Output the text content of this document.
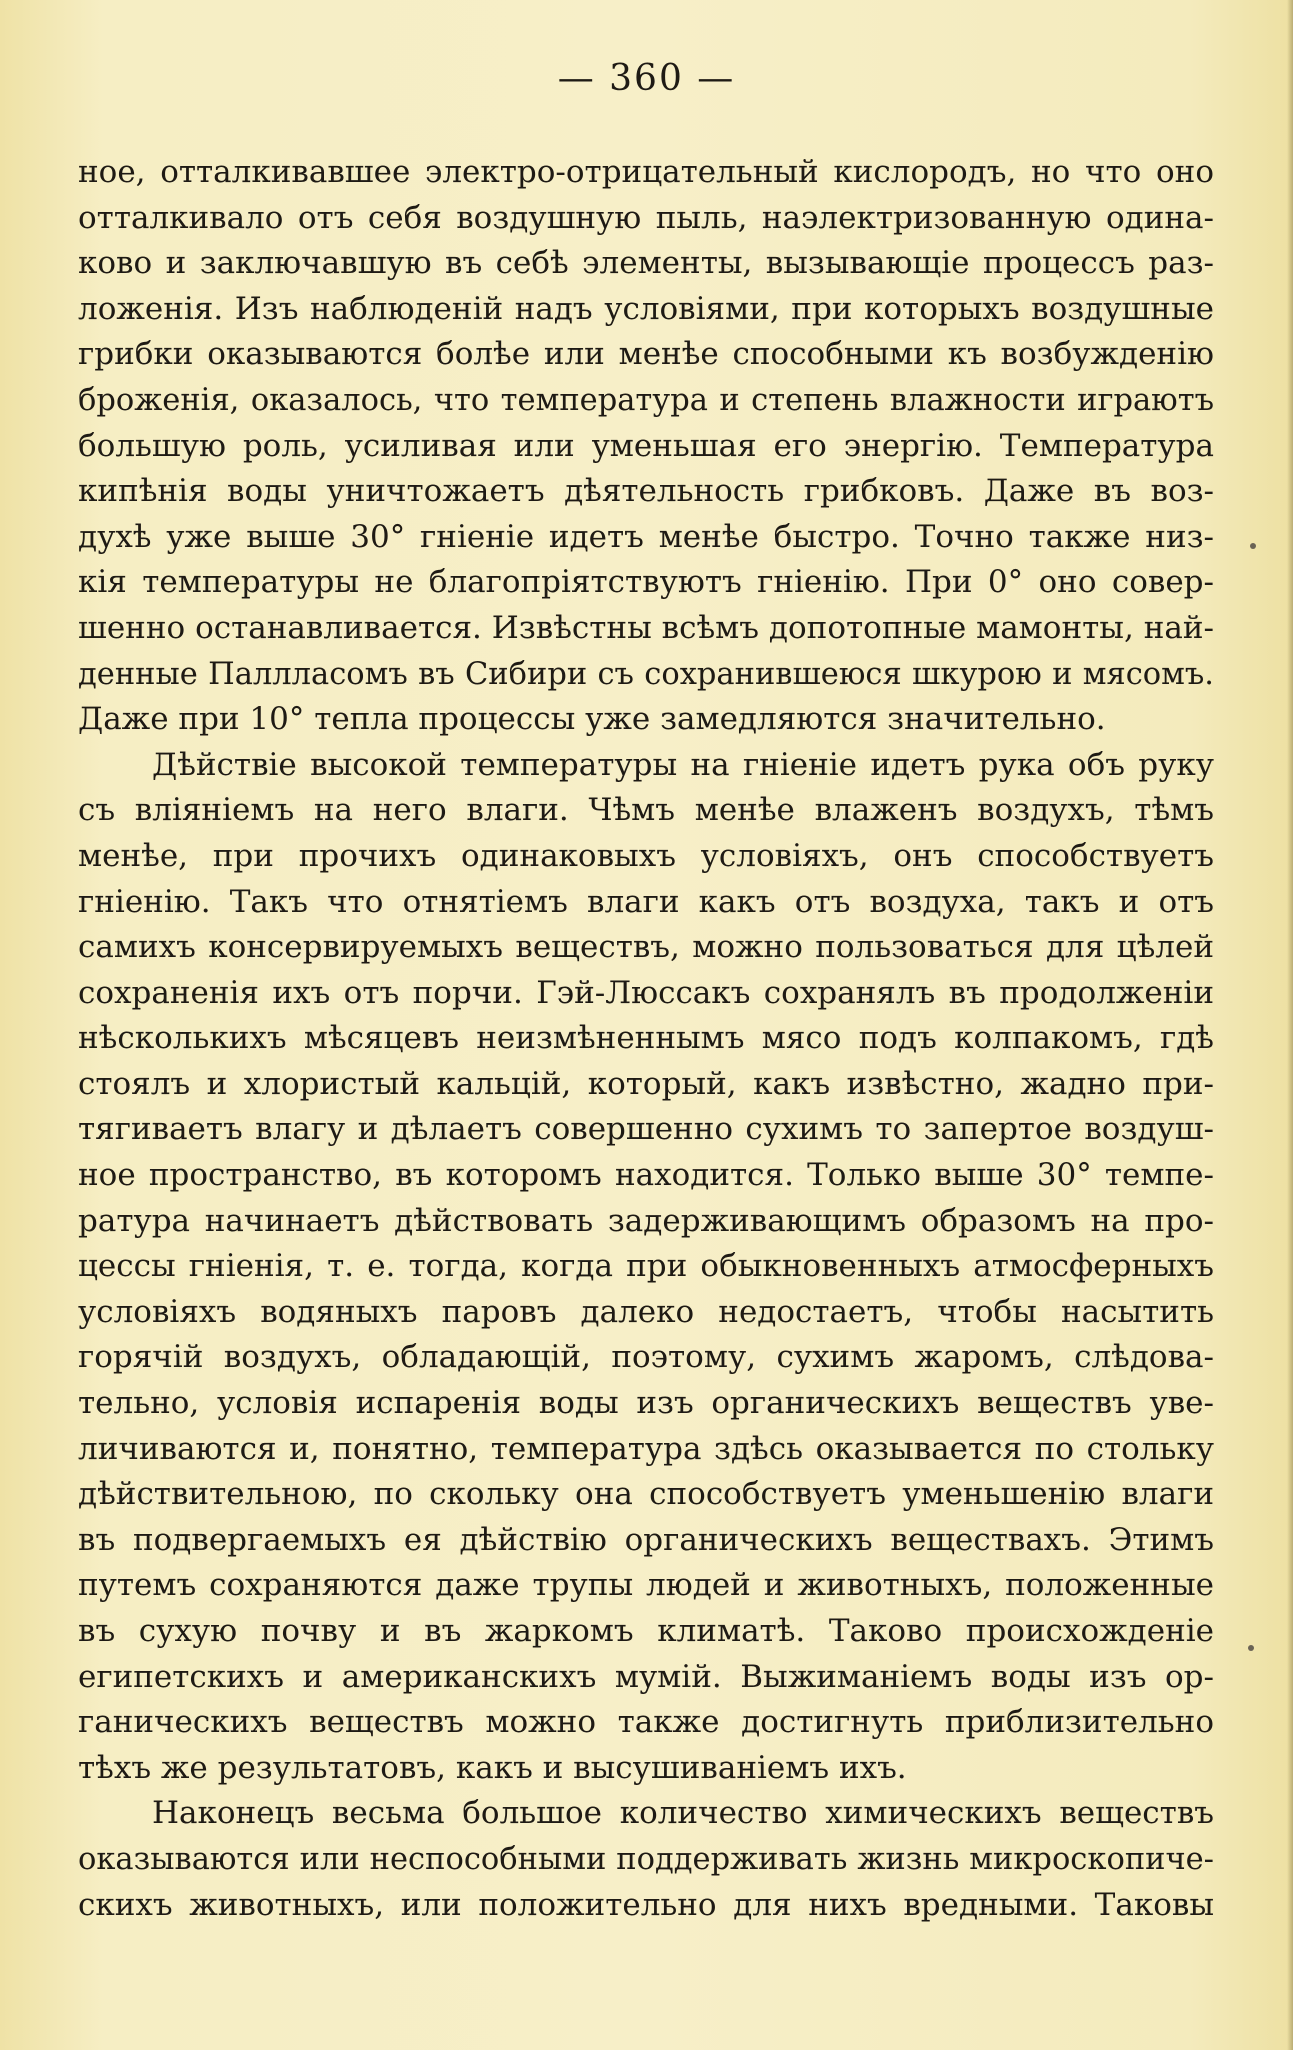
— 360 —
ное, отталкивавшее электро-отрицательный кислородъ, но что оно
отталкивало отъ себя воздушную пыль, наэлектризованную одина-
ково и заключавшую въ себѣ элементы, вызывающіе процессъ раз-
ложенія. Изъ наблюденій надъ условіями, при которыхъ воздушные
грибки оказываются болѣе или менѣе способными къ возбужденію
броженія, оказалось, что температура и степень влажности играютъ
большую роль, усиливая или уменьшая его энергію. Температура
кипѣнія воды уничтожаетъ дѣятельность грибковъ. Даже въ воз-
духѣ уже выше 30° гніеніе идетъ менѣе быстро. Точно также низ-
кія температуры не благопріятствуютъ гніенію. При 0° оно совер-
шенно останавливается. Извѣстны всѣмъ допотопные мамонты, най-
денные Паллласомъ въ Сибири съ сохранившеюся шкурою и мясомъ.
Даже при 10° тепла процессы уже замедляются значительно.
Дѣйствіе высокой температуры на гніеніе идетъ рука объ руку
съ вліяніемъ на него влаги. Чѣмъ менѣе влаженъ воздухъ, тѣмъ
менѣе, при прочихъ одинаковыхъ условіяхъ, онъ способствуетъ
гніенію. Такъ что отнятіемъ влаги какъ отъ воздуха, такъ и отъ
самихъ консервируемыхъ веществъ, можно пользоваться для цѣлей
сохраненія ихъ отъ порчи. Гэй-Люссакъ сохранялъ въ продолженіи
нѣсколькихъ мѣсяцевъ неизмѣненнымъ мясо подъ колпакомъ, гдѣ
стоялъ и хлористый кальцій, который, какъ извѣстно, жадно при-
тягиваетъ влагу и дѣлаетъ совершенно сухимъ то запертое воздуш-
ное пространство, въ которомъ находится. Только выше 30° темпе-
ратура начинаетъ дѣйствовать задерживающимъ образомъ на про-
цессы гніенія, т. е. тогда, когда при обыкновенныхъ атмосферныхъ
условіяхъ водяныхъ паровъ далеко недостаетъ, чтобы насытить
горячій воздухъ, обладающій, поэтому, сухимъ жаромъ, слѣдова-
тельно, условія испаренія воды изъ органическихъ веществъ уве-
личиваются и, понятно, температура здѣсь оказывается по стольку
дѣйствительною, по скольку она способствуетъ уменьшенію влаги
въ подвергаемыхъ ея дѣйствію органическихъ веществахъ. Этимъ
путемъ сохраняются даже трупы людей и животныхъ, положенные
въ сухую почву и въ жаркомъ климатѣ. Таково происхожденіе
египетскихъ и американскихъ мумій. Выжиманіемъ воды изъ ор-
ганическихъ веществъ можно также достигнуть приблизительно
тѣхъ же результатовъ, какъ и высушиваніемъ ихъ.
Наконецъ весьма большое количество химическихъ веществъ
оказываются или неспособными поддерживать жизнь микроскопиче-
скихъ животныхъ, или положительно для нихъ вредными. Таковы
